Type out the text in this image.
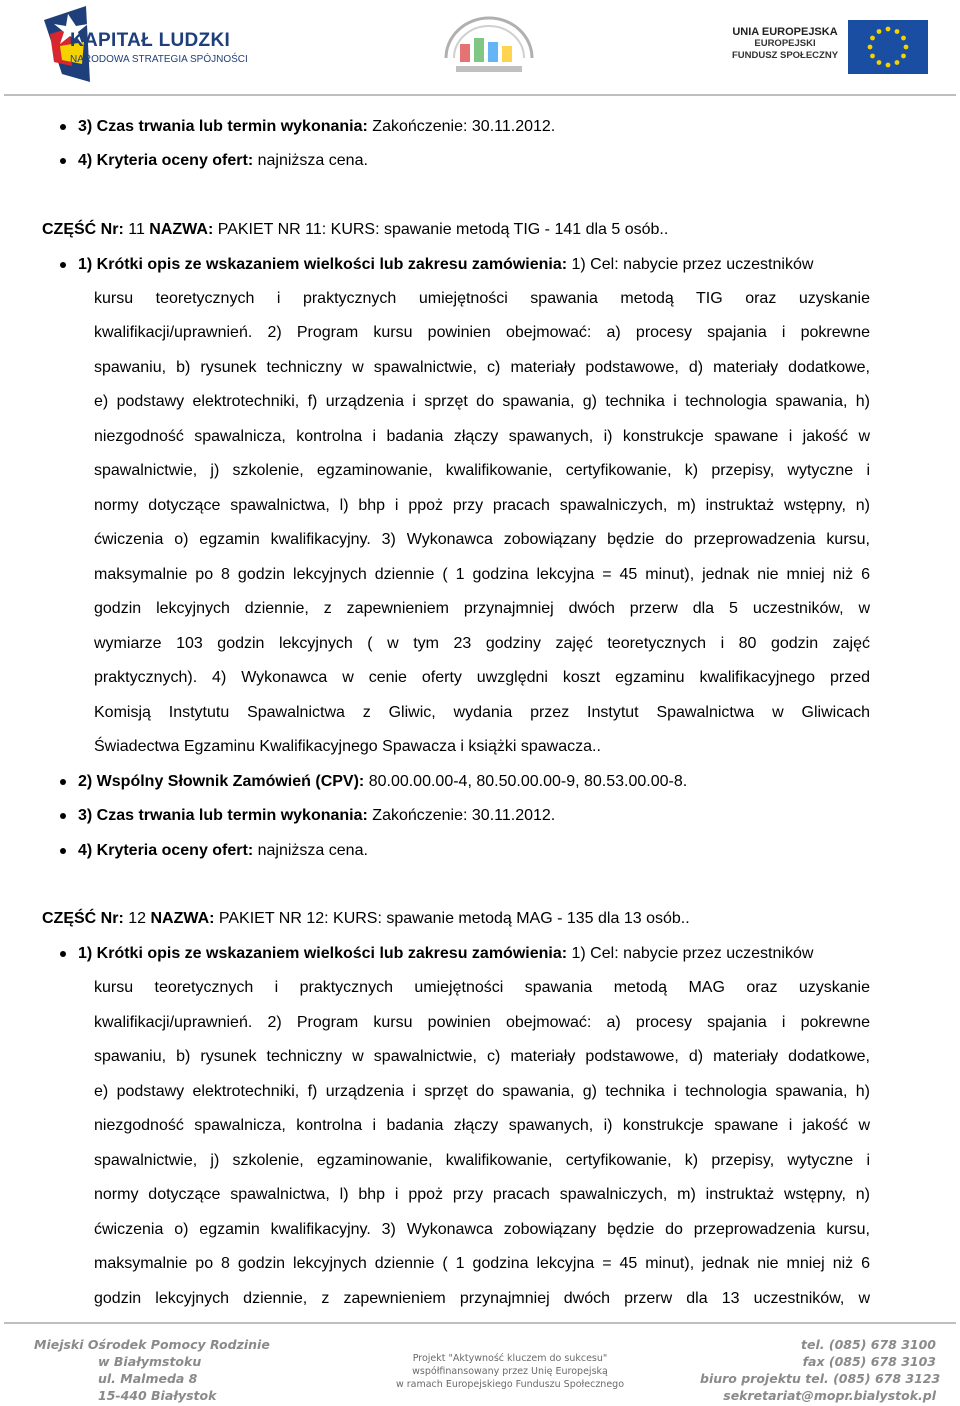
KAPITAŁ LUDZKI
NARODOWA STRATEGIA SPÓJNOŚCI
UNIA EUROPEJSKA
EUROPEJSKI
FUNDUSZ SPOŁECZNY
3) Czas trwania lub termin wykonania: Zakończenie: 30.11.2012.
4) Kryteria oceny ofert: najniższa cena.
CZĘŚĆ Nr: 11 NAZWA: PAKIET NR 11: KURS: spawanie metodą TIG - 141 dla 5 osób..
1) Krótki opis ze wskazaniem wielkości lub zakresu zamówienia: 1) Cel: nabycie przez uczestników
kursu teoretycznych i praktycznych umiejętności spawania metodą TIG oraz uzyskanie
kwalifikacji/uprawnień. 2) Program kursu powinien obejmować: a) procesy spajania i pokrewne
spawaniu, b) rysunek techniczny w spawalnictwie, c) materiały podstawowe, d) materiały dodatkowe,
e) podstawy elektrotechniki, f) urządzenia i sprzęt do spawania, g) technika i technologia spawania, h)
niezgodność spawalnicza, kontrolna i badania złączy spawanych, i) konstrukcje spawane i jakość w
spawalnictwie, j) szkolenie, egzaminowanie, kwalifikowanie, certyfikowanie, k) przepisy, wytyczne i
normy dotyczące spawalnictwa, l) bhp i ppoż przy pracach spawalniczych, m) instruktaż wstępny, n)
ćwiczenia o) egzamin kwalifikacyjny. 3) Wykonawca zobowiązany będzie do przeprowadzenia kursu,
maksymalnie po 8 godzin lekcyjnych dziennie ( 1 godzina lekcyjna = 45 minut), jednak nie mniej niż 6
godzin lekcyjnych dziennie, z zapewnieniem przynajmniej dwóch przerw dla 5 uczestników, w
wymiarze 103 godzin lekcyjnych ( w tym 23 godziny zajęć teoretycznych i 80 godzin zajęć
praktycznych). 4) Wykonawca w cenie oferty uwzględni koszt egzaminu kwalifikacyjnego przed
Komisją Instytutu Spawalnictwa z Gliwic, wydania przez Instytut Spawalnictwa w Gliwicach
Świadectwa Egzaminu Kwalifikacyjnego Spawacza i książki spawacza..
2) Wspólny Słownik Zamówień (CPV): 80.00.00.00-4, 80.50.00.00-9, 80.53.00.00-8.
3) Czas trwania lub termin wykonania: Zakończenie: 30.11.2012.
4) Kryteria oceny ofert: najniższa cena.
CZĘŚĆ Nr: 12 NAZWA: PAKIET NR 12: KURS: spawanie metodą MAG - 135 dla 13 osób..
1) Krótki opis ze wskazaniem wielkości lub zakresu zamówienia: 1) Cel: nabycie przez uczestników
kursu teoretycznych i praktycznych umiejętności spawania metodą MAG oraz uzyskanie
kwalifikacji/uprawnień. 2) Program kursu powinien obejmować: a) procesy spajania i pokrewne
spawaniu, b) rysunek techniczny w spawalnictwie, c) materiały podstawowe, d) materiały dodatkowe,
e) podstawy elektrotechniki, f) urządzenia i sprzęt do spawania, g) technika i technologia spawania, h)
niezgodność spawalnicza, kontrolna i badania złączy spawanych, i) konstrukcje spawane i jakość w
spawalnictwie, j) szkolenie, egzaminowanie, kwalifikowanie, certyfikowanie, k) przepisy, wytyczne i
normy dotyczące spawalnictwa, l) bhp i ppoż przy pracach spawalniczych, m) instruktaż wstępny, n)
ćwiczenia o) egzamin kwalifikacyjny. 3) Wykonawca zobowiązany będzie do przeprowadzenia kursu,
maksymalnie po 8 godzin lekcyjnych dziennie ( 1 godzina lekcyjna = 45 minut), jednak nie mniej niż 6
godzin lekcyjnych dziennie, z zapewnieniem przynajmniej dwóch przerw dla 13 uczestników, w
Miejski Ośrodek Pomocy Rodzinie
w Białymstoku
ul. Malmeda 8
15-440 Białystok
Projekt "Aktywność kluczem do sukcesu"
współfinansowany przez Unię Europejską
w ramach Europejskiego Funduszu Społecznego
tel. (085) 678 3100
fax (085) 678 3103
biuro projektu tel. (085) 678 3123
sekretariat@mopr.bialystok.pl
